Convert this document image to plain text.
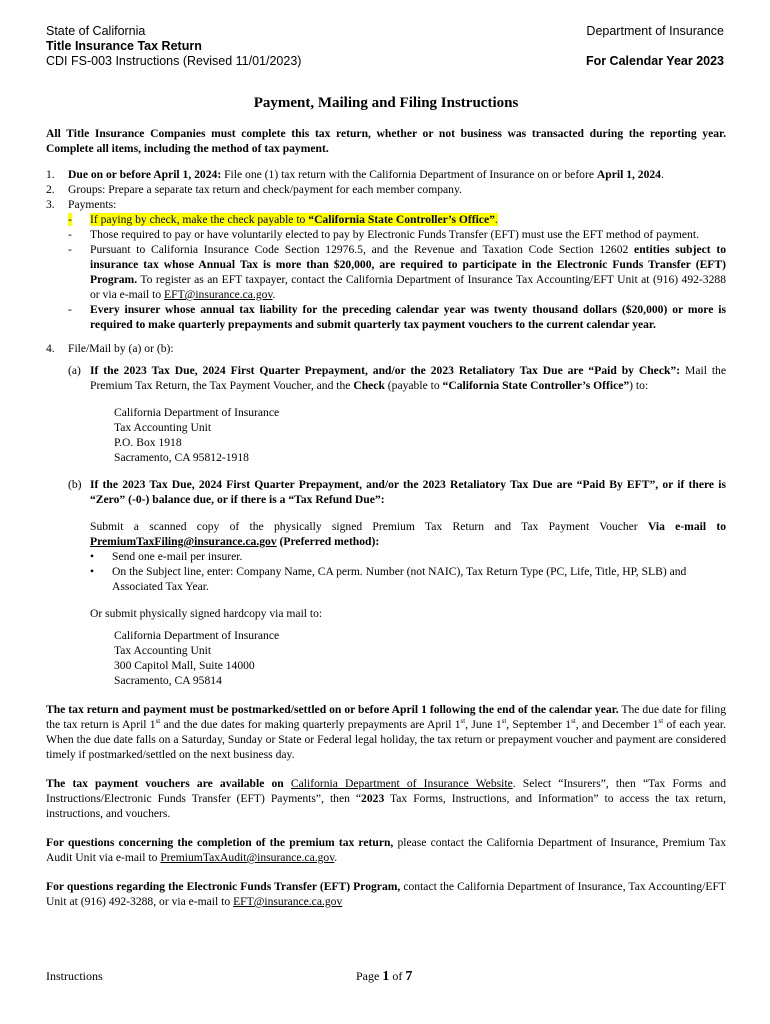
State of California
Title Insurance Tax Return
CDI FS-003 Instructions (Revised 11/01/2023)
Department of Insurance
For Calendar Year 2023
Payment, Mailing and Filing Instructions

All Title Insurance Companies must complete this tax return, whether or not business was transacted during the reporting year. Complete all items, including the method of tax payment.

1.	Due on or before April 1, 2024: File one (1) tax return with the California Department of Insurance on or before April 1, 2024.
2.	Groups: Prepare a separate tax return and check/payment for each member company.
3.	Payments:
-	If paying by check, make the check payable to “California State Controller’s Office”.
-	Those required to pay or have voluntarily elected to pay by Electronic Funds Transfer (EFT) must use the EFT method of payment.
-	Pursuant to California Insurance Code Section 12976.5, and the Revenue and Taxation Code Section 12602 entities subject to insurance tax whose Annual Tax is more than $20,000, are required to participate in the Electronic Funds Transfer (EFT) Program. To register as an EFT taxpayer, contact the California Department of Insurance Tax Accounting/EFT Unit at (916) 492-3288 or via e-mail to EFT@insurance.ca.gov.
-	Every insurer whose annual tax liability for the preceding calendar year was twenty thousand dollars ($20,000) or more is required to make quarterly prepayments and submit quarterly tax payment vouchers to the current calendar year.
4.	File/Mail by (a) or (b):
(a) If the 2023 Tax Due, 2024 First Quarter Prepayment, and/or the 2023 Retaliatory Tax Due are “Paid by Check”: Mail the Premium Tax Return, the Tax Payment Voucher, and the Check (payable to “California State Controller’s Office”) to:
California Department of Insurance
Tax Accounting Unit
P.O. Box 1918
Sacramento, CA 95812-1918
(b) If the 2023 Tax Due, 2024 First Quarter Prepayment, and/or the 2023 Retaliatory Tax Due are “Paid By EFT”, or if there is “Zero” (-0-) balance due, or if there is a “Tax Refund Due”:

Submit a scanned copy of the physically signed Premium Tax Return and Tax Payment Voucher Via e-mail to PremiumTaxFiling@insurance.ca.gov (Preferred method):

•	Send one e-mail per insurer.
•	On the Subject line, enter: Company Name, CA perm. Number (not NAIC), Tax Return Type (PC, Life, Title, HP, SLB) and Associated Tax Year.

Or submit physically signed hardcopy via mail to:

California Department of Insurance
Tax Accounting Unit
300 Capitol Mall, Suite 14000
Sacramento, CA 95814

The tax return and payment must be postmarked/settled on or before April 1 following the end of the calendar year. The due date for filing the tax return is April 1st and the due dates for making quarterly prepayments are April 1st, June 1st, September 1st, and December 1st of each year. When the due date falls on a Saturday, Sunday or State or Federal legal holiday, the tax return or prepayment voucher and payment are considered timely if postmarked/settled on the next business day.

The tax payment vouchers are available on California Department of Insurance Website. Select “Insurers”, then “Tax Forms and Instructions/Electronic Funds Transfer (EFT) Payments”, then “2023 Tax Forms, Instructions, and Information” to access the tax return, instructions, and vouchers.

For questions concerning the completion of the premium tax return, please contact the California Department of Insurance, Premium Tax Audit Unit via e-mail to PremiumTaxAudit@insurance.ca.gov.

For questions regarding the Electronic Funds Transfer (EFT) Program, contact the California Department of Insurance, Tax Accounting/EFT Unit at (916) 492-3288, or via e-mail to EFT@insurance.ca.gov

Instructions	Page 1 of 7
